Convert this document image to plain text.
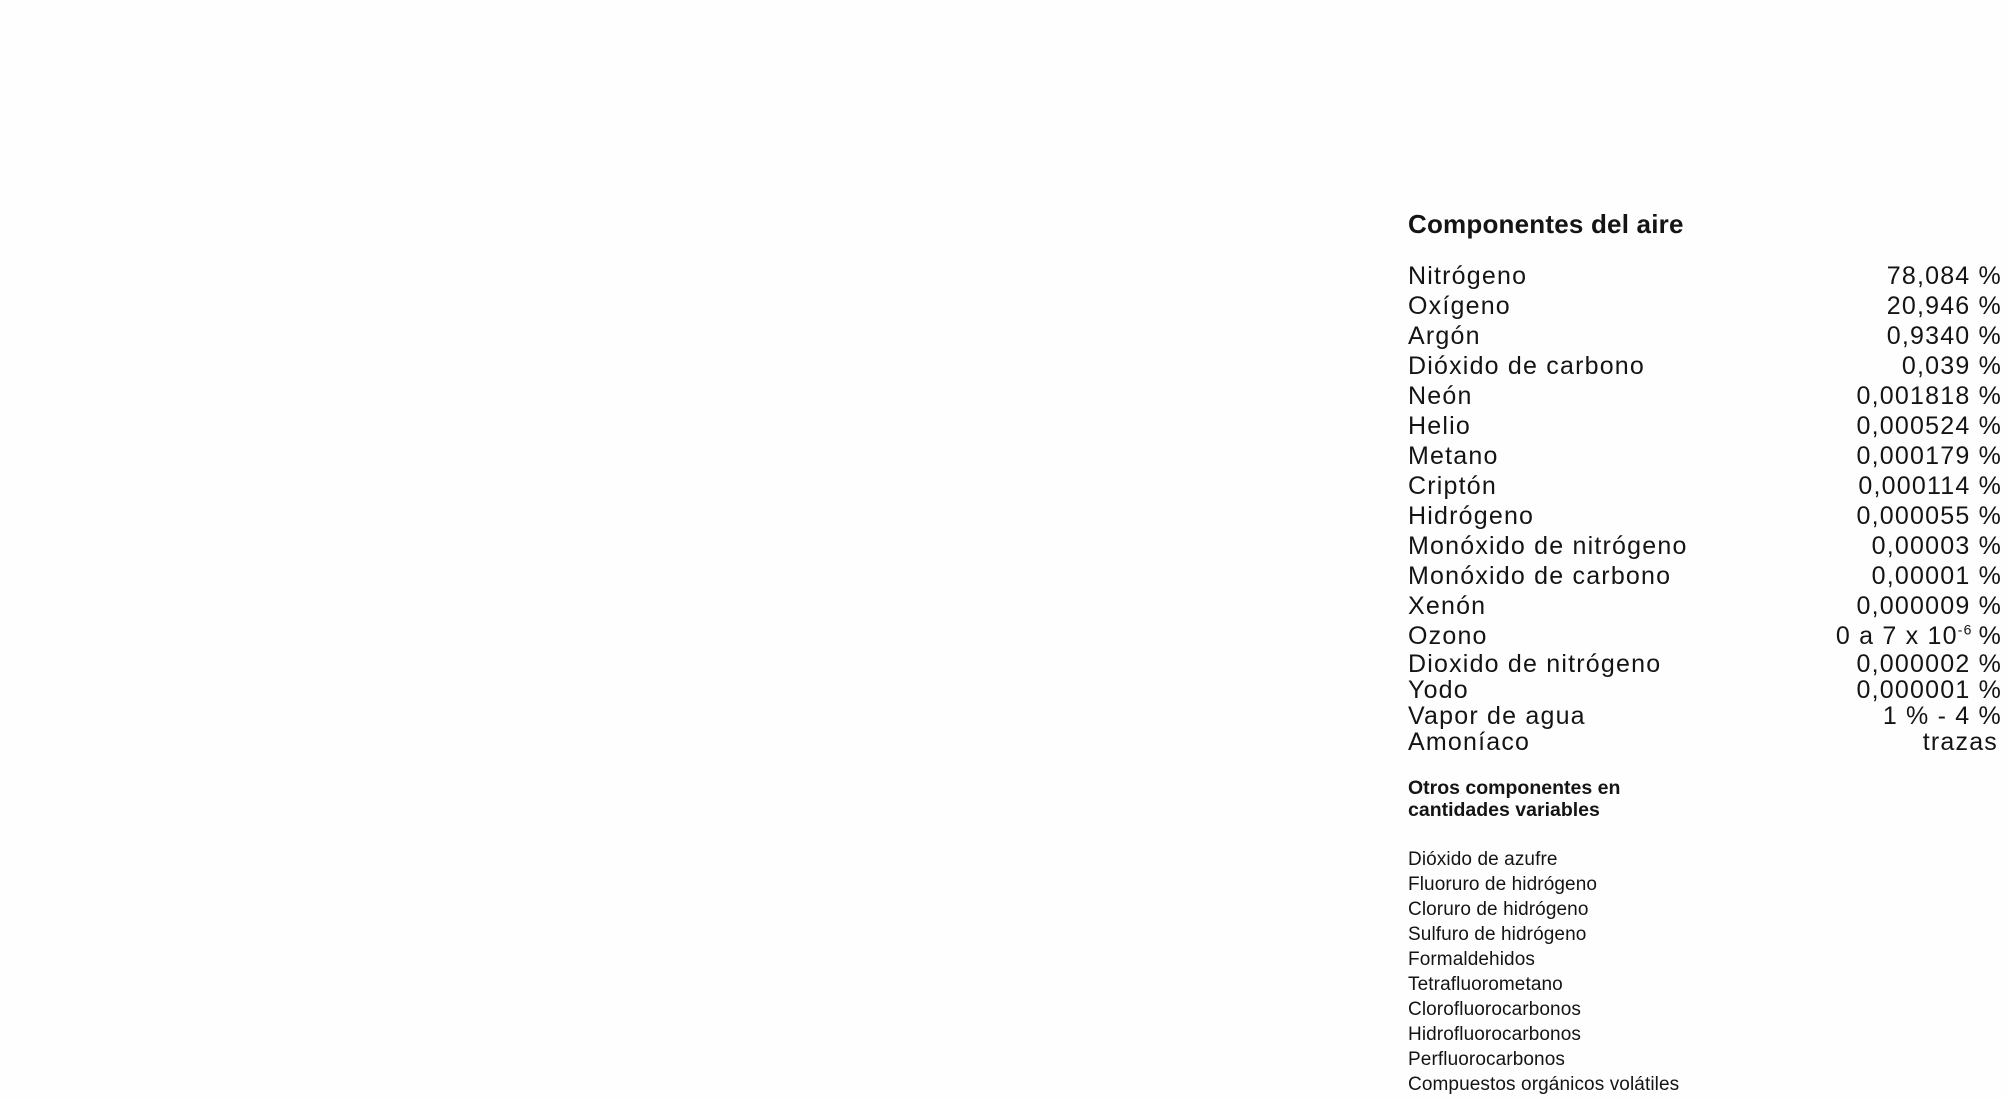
Componentes del aire
Nitrógeno	78,084 %
Oxígeno	20,946 %
Argón	0,9340 %
Dióxido de carbono	0,039 %
Neón	0,001818 %
Helio	0,000524 %
Metano	0,000179 %
Criptón	0,000114 %
Hidrógeno	0,000055 %
Monóxido de nitrógeno	0,00003 %
Monóxido de carbono	0,00001 %
Xenón	0,000009 %
Ozono	0 a 7 x $10^{-6}$ %
Dioxido de nitrógeno	0,000002 %
Yodo	0,000001 %
Vapor de agua	1 % - 4 %
Amoníaco	trazas
Otros componentes en cantidades variables
Dióxido de azufre
Fluoruro de hidrógeno
Cloruro de hidrógeno
Sulfuro de hidrógeno
Formaldehidos
Tetrafluorometano
Clorofluorocarbonos
Hidrofluorocarbonos
Perfluorocarbonos
Compuestos orgánicos volátiles
